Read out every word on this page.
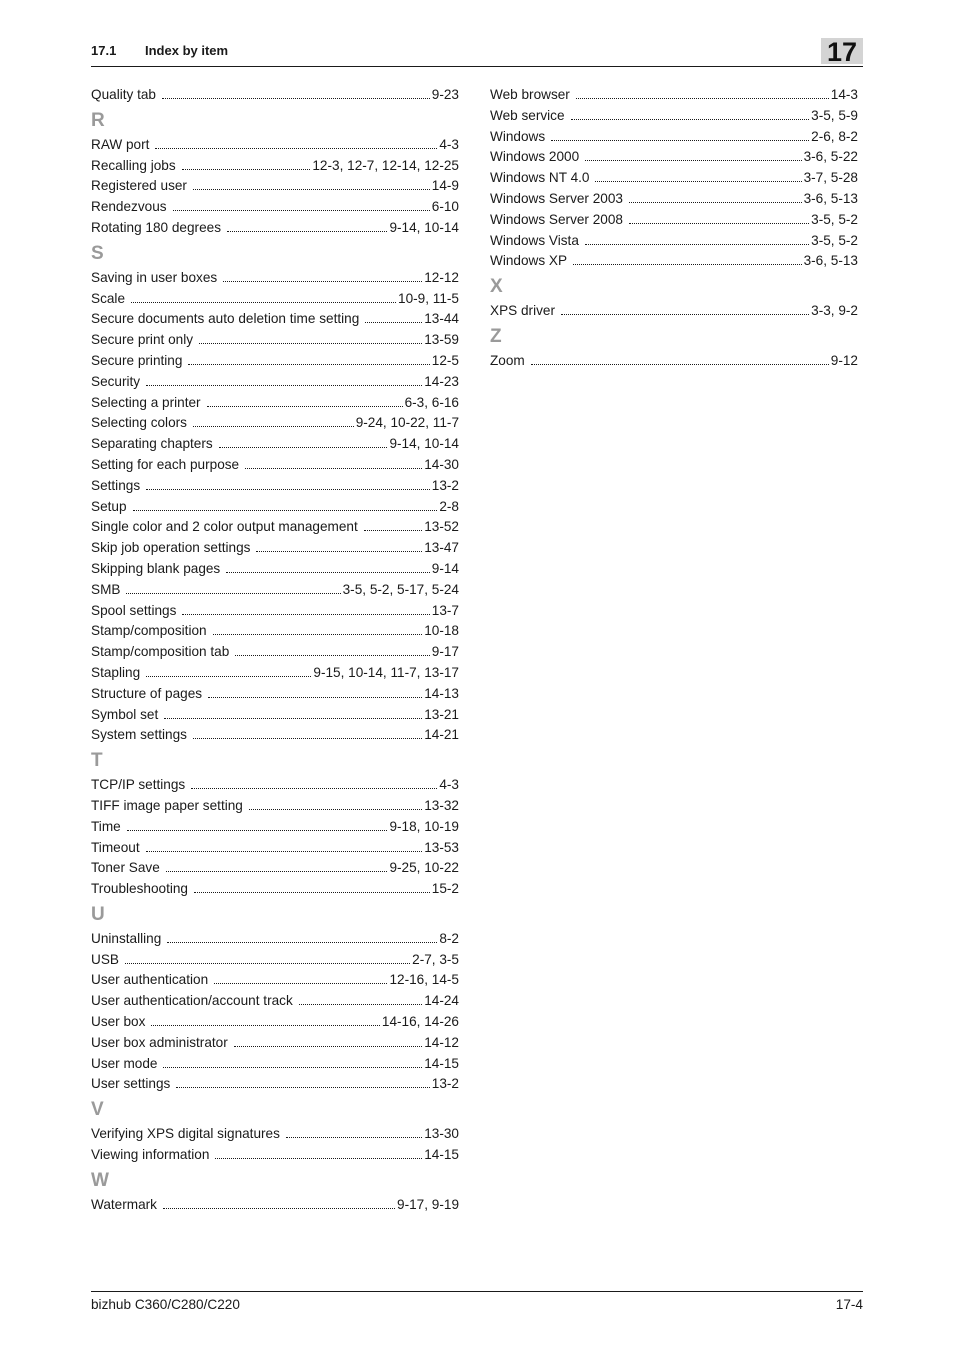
17.1 Index by item	17
Quality tab	9-23
R
RAW port	4-3
Recalling jobs	12-3, 12-7, 12-14, 12-25
Registered user	14-9
Rendezvous	6-10
Rotating 180 degrees	9-14, 10-14
S
Saving in user boxes	12-12
Scale	10-9, 11-5
Secure documents auto deletion time setting	13-44
Secure print only	13-59
Secure printing	12-5
Security	14-23
Selecting a printer	6-3, 6-16
Selecting colors	9-24, 10-22, 11-7
Separating chapters	9-14, 10-14
Setting for each purpose	14-30
Settings	13-2
Setup	2-8
Single color and 2 color output management	13-52
Skip job operation settings	13-47
Skipping blank pages	9-14
SMB	3-5, 5-2, 5-17, 5-24
Spool settings	13-7
Stamp/composition	10-18
Stamp/composition tab	9-17
Stapling	9-15, 10-14, 11-7, 13-17
Structure of pages	14-13
Symbol set	13-21
System settings	14-21
T
TCP/IP settings	4-3
TIFF image paper setting	13-32
Time	9-18, 10-19
Timeout	13-53
Toner Save	9-25, 10-22
Troubleshooting	15-2
U
Uninstalling	8-2
USB	2-7, 3-5
User authentication	12-16, 14-5
User authentication/account track	14-24
User box	14-16, 14-26
User box administrator	14-12
User mode	14-15
User settings	13-2
V
Verifying XPS digital signatures	13-30
Viewing information	14-15
W
Watermark	9-17, 9-19
Web browser	14-3
Web service	3-5, 5-9
Windows	2-6, 8-2
Windows 2000	3-6, 5-22
Windows NT 4.0	3-7, 5-28
Windows Server 2003	3-6, 5-13
Windows Server 2008	3-5, 5-2
Windows Vista	3-5, 5-2
Windows XP	3-6, 5-13
X
XPS driver	3-3, 9-2
Z
Zoom	9-12
bizhub C360/C280/C220	17-4
